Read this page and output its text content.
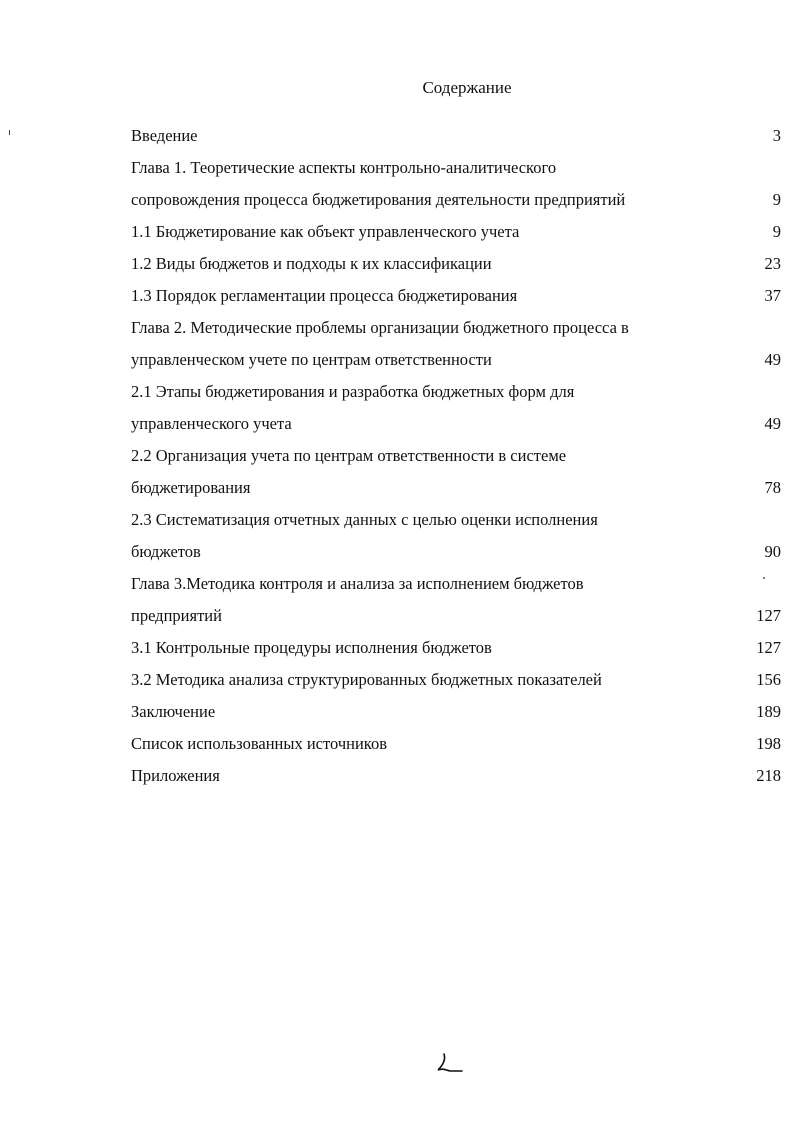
Содержание
Введение	3
Глава 1. Теоретические аспекты контрольно-аналитического
сопровождения процесса бюджетирования деятельности предприятий	9
1.1 Бюджетирование как объект управленческого учета	9
1.2 Виды бюджетов и подходы к их классификации	23
1.3 Порядок регламентации процесса бюджетирования	37
Глава 2. Методические проблемы организации бюджетного процесса в
управленческом учете по центрам ответственности	49
2.1 Этапы бюджетирования и разработка бюджетных форм для
управленческого учета	49
2.2 Организация учета по центрам ответственности в системе
бюджетирования	78
2.3 Систематизация отчетных данных с целью оценки исполнения
бюджетов	90
Глава 3.Методика контроля и анализа за исполнением бюджетов
предприятий	127
3.1 Контрольные процедуры исполнения бюджетов	127
3.2 Методика анализа структурированных бюджетных показателей	156
Заключение	189
Список использованных источников	198
Приложения	218
